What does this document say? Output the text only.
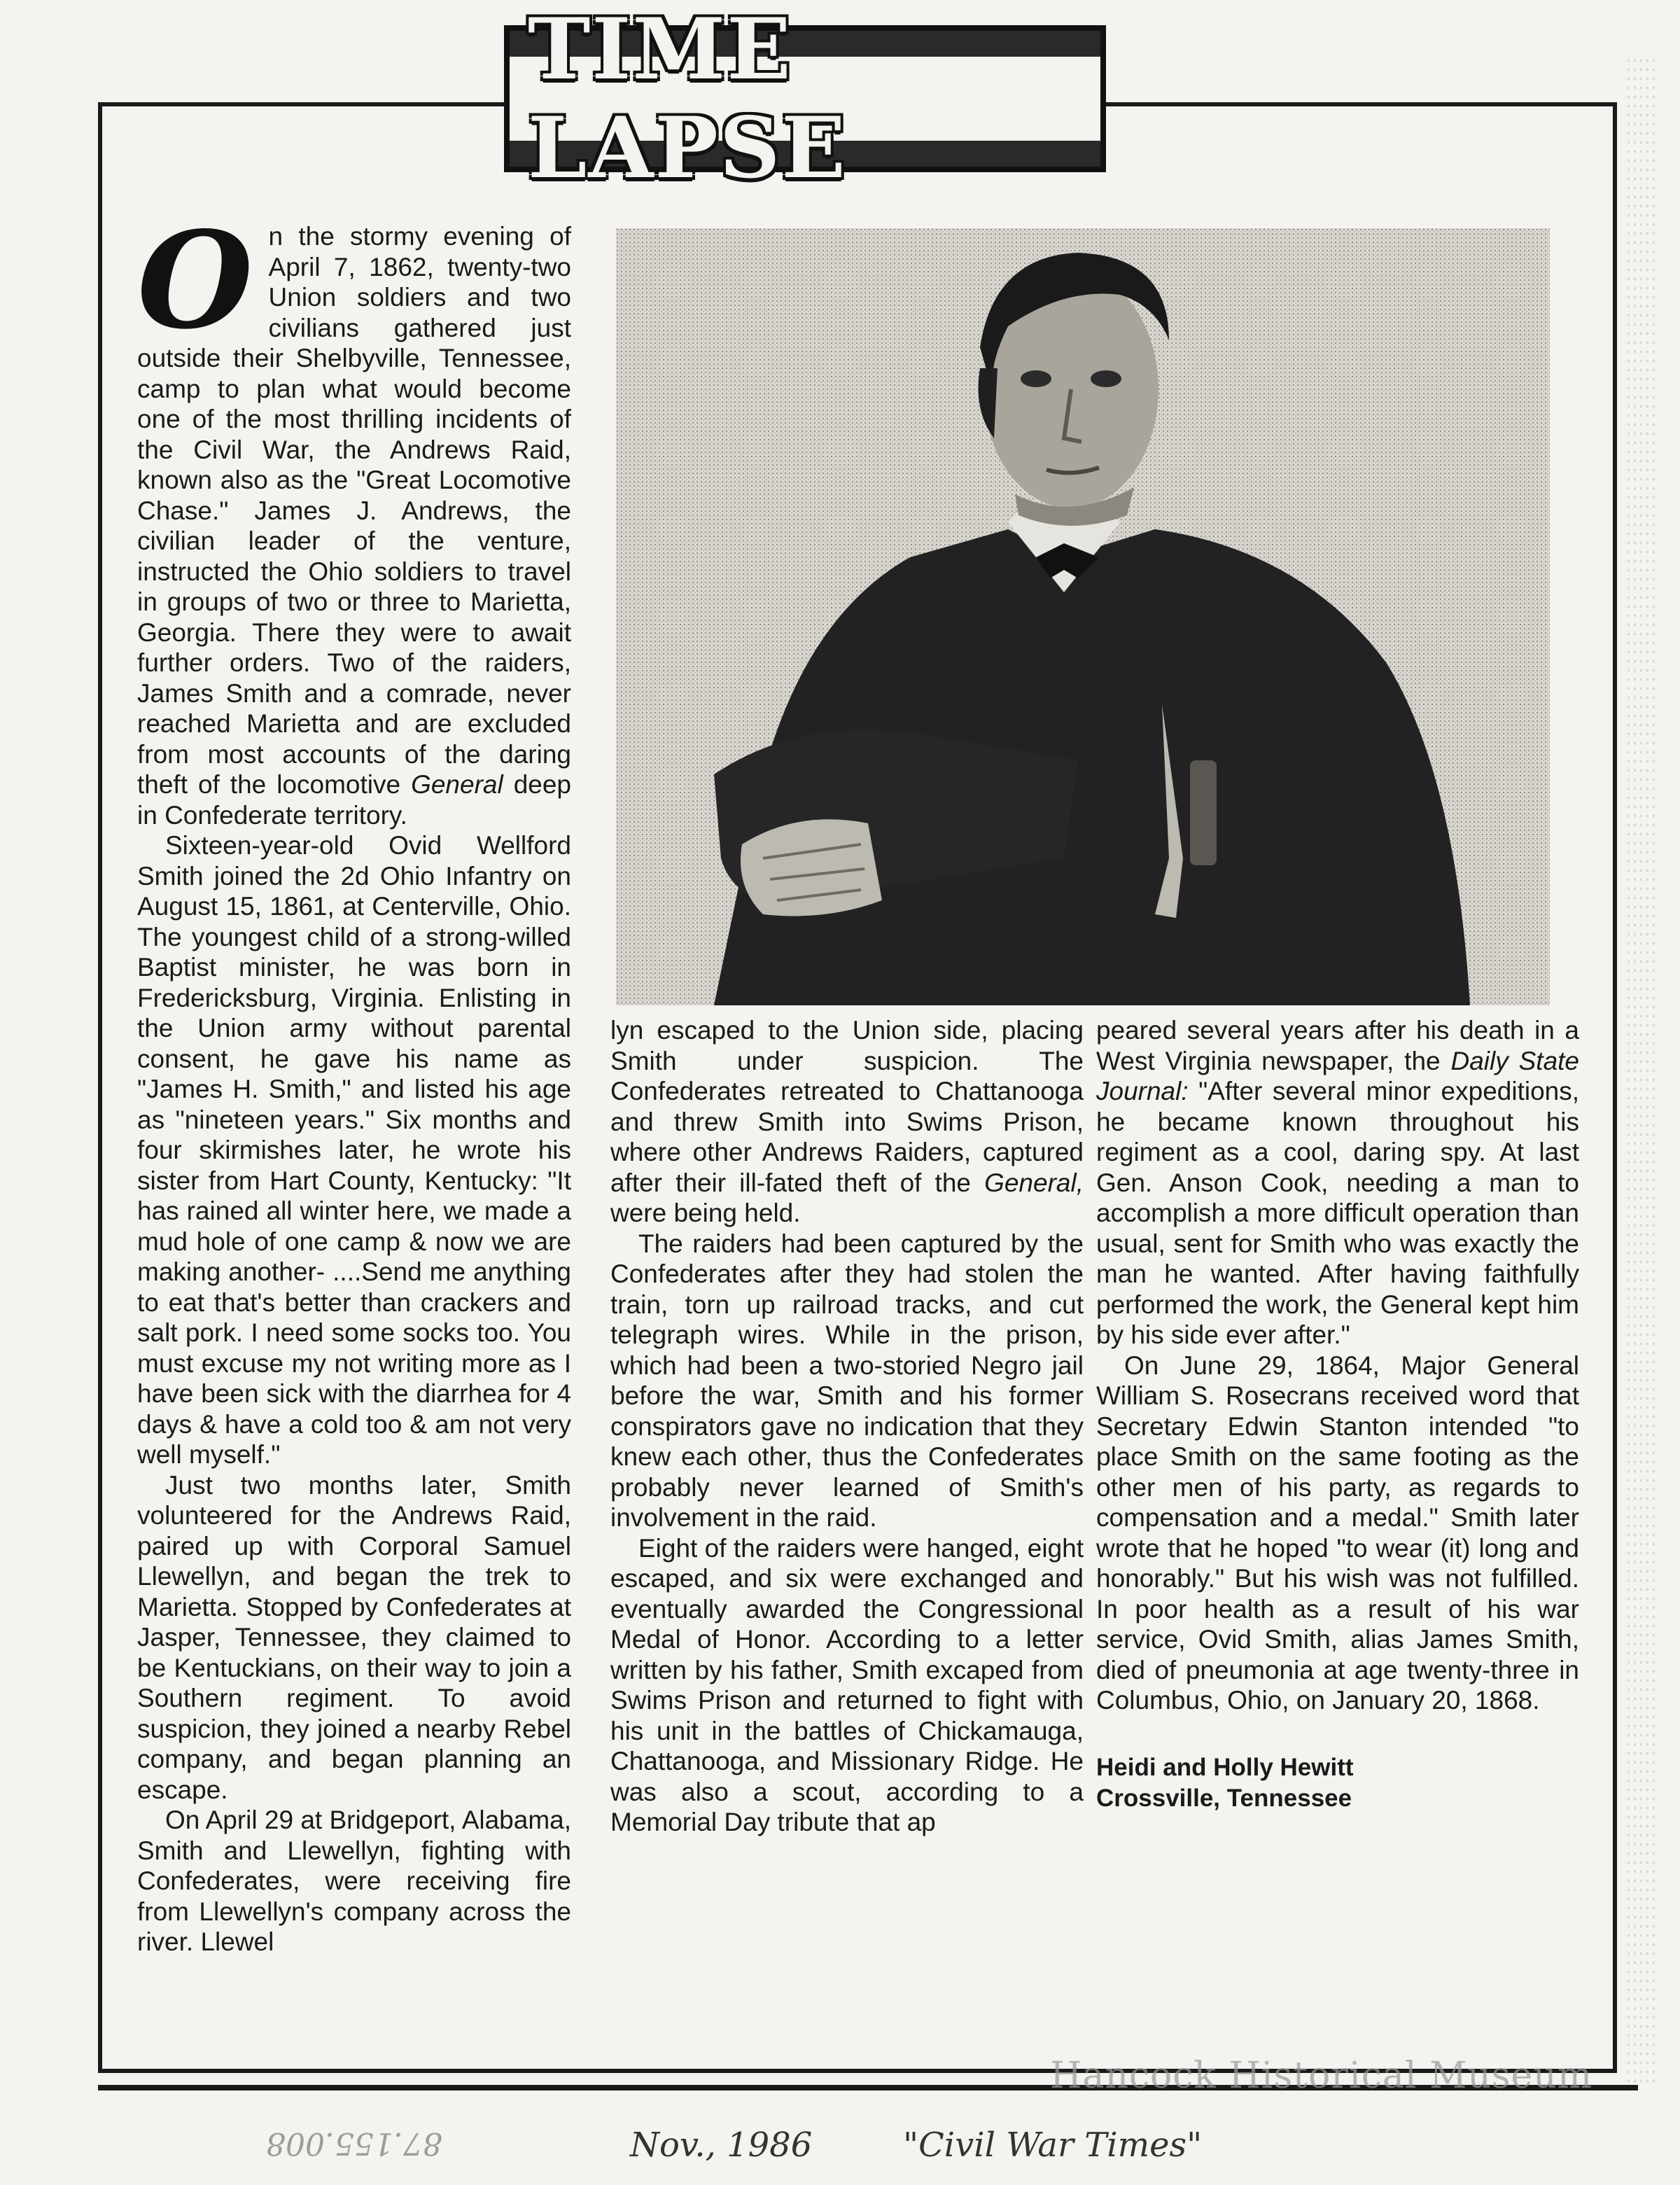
TIME LAPSE
O n the stormy evening of April 7, 1862, twenty-two Union soldiers and two civilians gathered just outside their Shelbyville, Tennessee, camp to plan what would become one of the most thrilling incidents of the Civil War, the Andrews Raid, known also as the "Great Locomotive Chase." James J. Andrews, the civilian leader of the venture, instructed the Ohio soldiers to travel in groups of two or three to Marietta, Georgia. There they were to await further orders. Two of the raiders, James Smith and a comrade, never reached Marietta and are excluded from most accounts of the daring theft of the locomotive General deep in Confederate territory.

Sixteen-year-old Ovid Wellford Smith joined the 2d Ohio Infantry on August 15, 1861, at Centerville, Ohio. The youngest child of a strong-willed Baptist minister, he was born in Fredericksburg, Virginia. Enlisting in the Union army without parental consent, he gave his name as "James H. Smith," and listed his age as "nineteen years." Six months and four skirmishes later, he wrote his sister from Hart County, Kentucky: "It has rained all winter here, we made a mud hole of one camp & now we are making another- ....Send me anything to eat that's better than crackers and salt pork. I need some socks too. You must excuse my not writing more as I have been sick with the diarrhea for 4 days & have a cold too & am not very well myself."

Just two months later, Smith volunteered for the Andrews Raid, paired up with Corporal Samuel Llewellyn, and began the trek to Marietta. Stopped by Confederates at Jasper, Tennessee, they claimed to be Kentuckians, on their way to join a Southern regiment. To avoid suspicion, they joined a nearby Rebel company, and began planning an escape.

On April 29 at Bridgeport, Alabama, Smith and Llewellyn, fighting with Confederates, were receiving fire from Llewellyn's company across the river. Llewel

lyn escaped to the Union side, placing Smith under suspicion. The Confederates retreated to Chattanooga and threw Smith into Swims Prison, where other Andrews Raiders, captured after their ill-fated theft of the General, were being held.

The raiders had been captured by the Confederates after they had stolen the train, torn up railroad tracks, and cut telegraph wires. While in the prison, which had been a two-storied Negro jail before the war, Smith and his former conspirators gave no indication that they knew each other, thus the Confederates probably never learned of Smith's involvement in the raid.

Eight of the raiders were hanged, eight escaped, and six were exchanged and eventually awarded the Congressional Medal of Honor. According to a letter written by his father, Smith excaped from Swims Prison and returned to fight with his unit in the battles of Chickamauga, Chattanooga, and Missionary Ridge. He was also a scout, according to a Memorial Day tribute that ap

peared several years after his death in a West Virginia newspaper, the Daily State Journal: "After several minor expeditions, he became known throughout his regiment as a cool, daring spy. At last Gen. Anson Cook, needing a man to accomplish a more difficult operation than usual, sent for Smith who was exactly the man he wanted. After having faithfully performed the work, the General kept him by his side ever after."

On June 29, 1864, Major General William S. Rosecrans received word that Secretary Edwin Stanton intended "to place Smith on the same footing as the other men of his party, as regards to compensation and a medal." Smith later wrote that he hoped "to wear (it) long and honorably." But his wish was not fulfilled. In poor health as a result of his war service, Ovid Smith, alias James Smith, died of pneumonia at age twenty-three in Columbus, Ohio, on January 20, 1868.

Heidi and Holly Hewitt
Crossville, Tennessee
Hancock Historical Museum
87.155.008	Nov., 1986	"Civil War Times"
